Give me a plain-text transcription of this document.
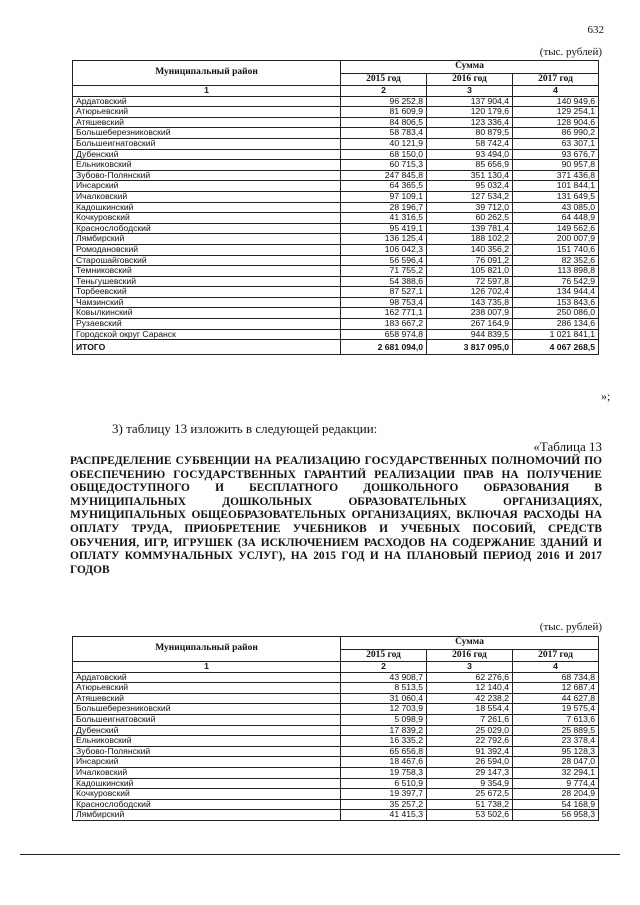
632
(тыс. рублей)
Муниципальный район	Сумма		
	2015 год	2016 год	2017 год
1	2	3	4
Ардатовский	96 252,8	137 904,4	140 949,6
Атюрьевский	81 609,9	120 179,6	129 254,1
Атяшевский	84 806,5	123 336,4	128 904,6
Большеберезниковский	58 783,4	80 879,5	86 990,2
Большеигнатовский	40 121,9	58 742,4	63 307,1
Дубенский	68 150,0	93 494,0	93 676,7
Ельниковский	60 715,3	85 656,9	90 957,8
Зубово-Полянский	247 845,8	351 130,4	371 436,8
Инсарский	64 365,5	95 032,4	101 844,1
Ичалковский	97 109,1	127 534,2	131 649,5
Кадошкинский	28 196,7	39 712,0	43 085,0
Кочкуровский	41 316,5	60 262,5	64 448,9
Краснослободский	95 419,1	139 781,4	149 562,6
Лямбирский	136 125,4	188 102,2	200 007,9
Ромодановский	106 042,3	140 356,2	151 740,6
Старошайговский	56 596,4	76 091,2	82 352,6
Темниковский	71 755,2	105 821,0	113 898,8
Теньгушевский	54 388,6	72 597,8	76 542,9
Торбеевский	87 527,1	126 702,4	134 944,4
Чамзинский	98 753,4	143 735,8	153 843,6
Ковылкинский	162 771,1	238 007,9	250 086,0
Рузаевский	183 667,2	267 164,9	286 134,6
Городской округ Саранск	658 974,8	944 839,5	1 021 841,1
ИТОГО	2 681 094,0	3 817 095,0	4 067 268,5
»;
3) таблицу 13 изложить в следующей редакции:
«Таблица 13
РАСПРЕДЕЛЕНИЕ СУБВЕНЦИИ НА РЕАЛИЗАЦИЮ ГОСУДАРСТВЕННЫХ ПОЛНОМОЧИЙ ПО ОБЕСПЕЧЕНИЮ ГОСУДАРСТВЕННЫХ ГАРАНТИЙ РЕАЛИЗАЦИИ ПРАВ НА ПОЛУЧЕНИЕ ОБЩЕДОСТУПНОГО И БЕСПЛАТНОГО ДОШКОЛЬНОГО ОБРАЗОВАНИЯ В МУНИЦИПАЛЬНЫХ ДОШКОЛЬНЫХ ОБРАЗОВАТЕЛЬНЫХ ОРГАНИЗАЦИЯХ, МУНИЦИПАЛЬНЫХ ОБЩЕОБРАЗОВАТЕЛЬНЫХ ОРГАНИЗАЦИЯХ, ВКЛЮЧАЯ РАСХОДЫ НА ОПЛАТУ ТРУДА, ПРИОБРЕТЕНИЕ УЧЕБНИКОВ И УЧЕБНЫХ ПОСОБИЙ, СРЕДСТВ ОБУЧЕНИЯ, ИГР, ИГРУШЕК (ЗА ИСКЛЮЧЕНИЕМ РАСХОДОВ НА СОДЕРЖАНИЕ ЗДАНИЙ И ОПЛАТУ КОММУНАЛЬНЫХ УСЛУГ), НА 2015 ГОД И НА ПЛАНОВЫЙ ПЕРИОД 2016 И 2017 ГОДОВ
(тыс. рублей)
Муниципальный район	Сумма		
	2015 год	2016 год	2017 год
1	2	3	4
Ардатовский	43 908,7	62 276,6	68 734,8
Атюрьевский	8 513,5	12 140,4	12 687,4
Атяшевский	31 060,4	42 238,2	44 627,8
Большеберезниковский	12 703,9	18 554,4	19 575,4
Большеигнатовский	5 098,9	7 261,6	7 613,6
Дубенский	17 839,2	25 029,0	25 889,5
Ельниковский	16 335,2	22 792,6	23 378,4
Зубово-Полянский	65 656,8	91 392,4	95 128,3
Инсарский	18 467,6	26 594,0	28 047,0
Ичалковский	19 758,3	29 147,3	32 294,1
Кадошкинский	6 510,9	9 354,9	9 774,4
Кочкуровский	19 397,7	25 672,5	28 204,9
Краснослободский	35 257,2	51 738,2	54 168,9
Лямбирский	41 415,3	53 502,6	56 958,3
